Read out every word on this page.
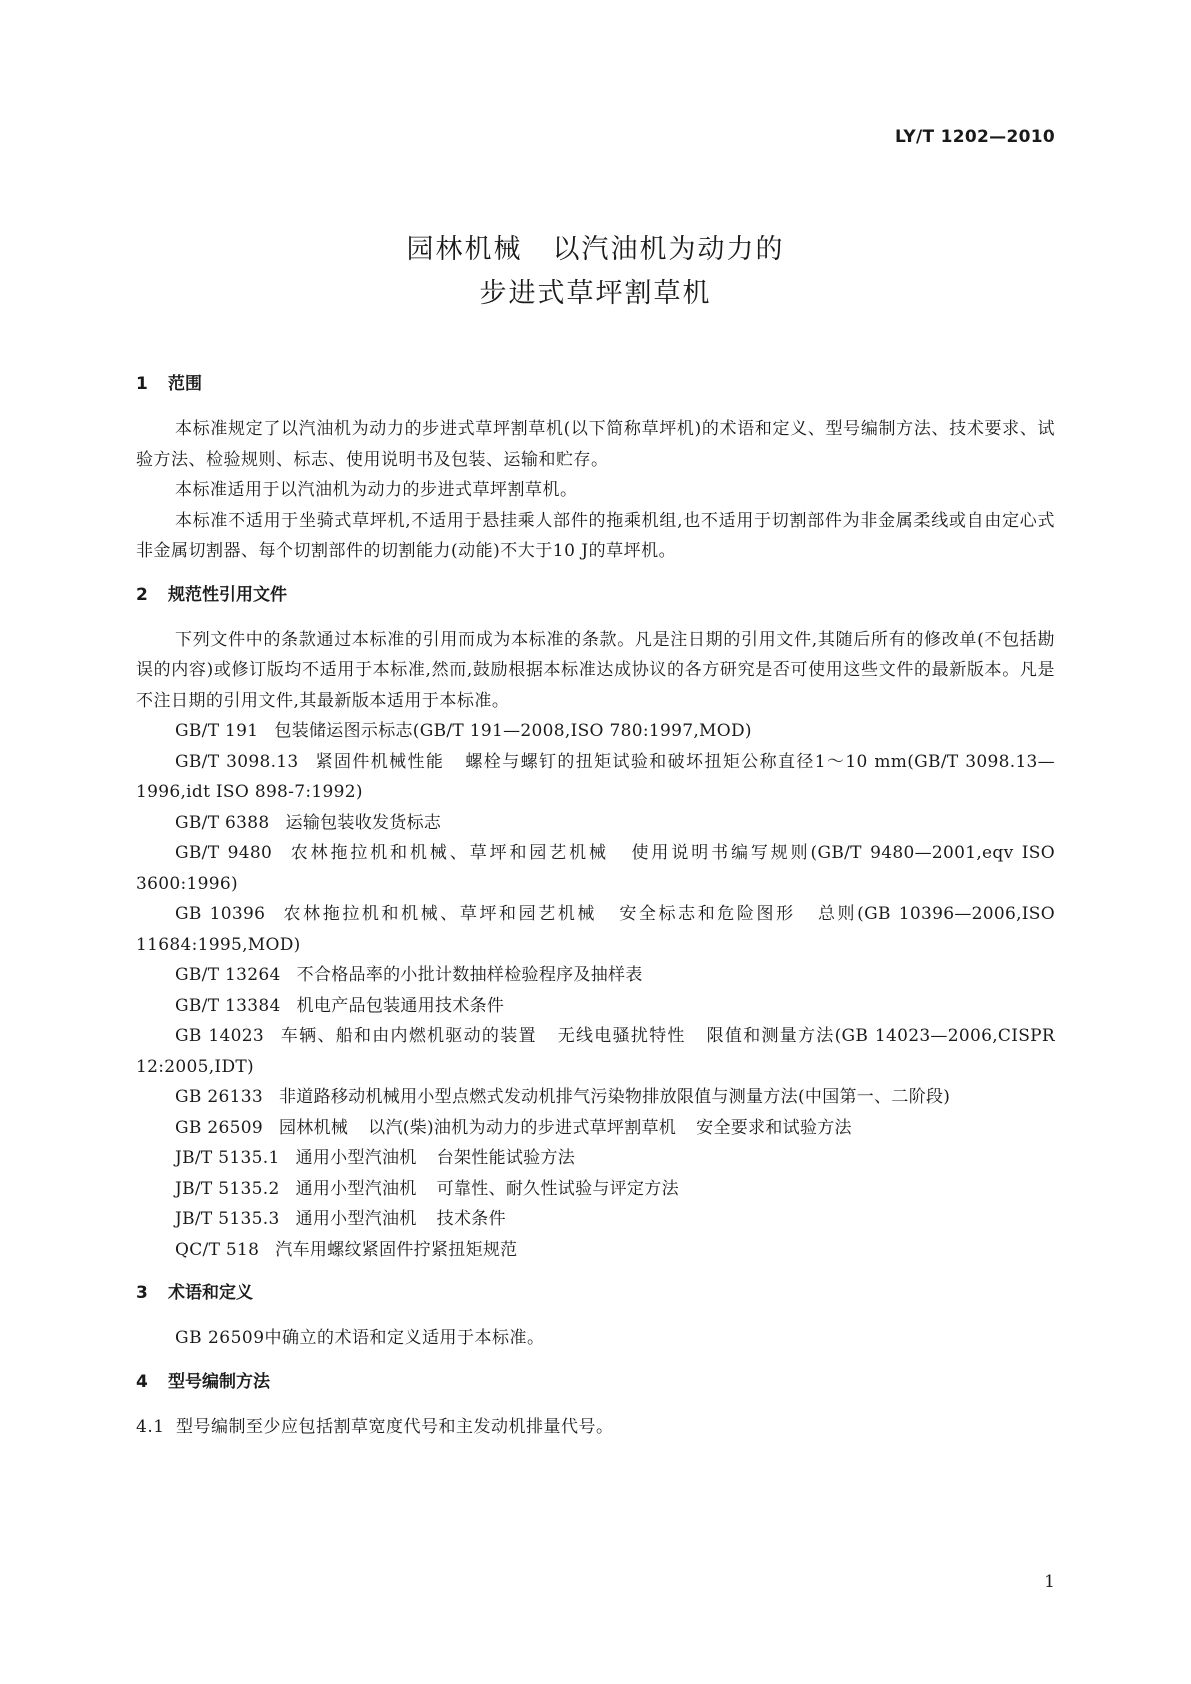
LY/T 1202—2010
园林机械 以汽油机为动力的
步进式草坪割草机
1 范围

本标准规定了以汽油机为动力的步进式草坪割草机(以下简称草坪机)的术语和定义、型号编制方法、技术要求、试验方法、检验规则、标志、使用说明书及包装、运输和贮存。

本标准适用于以汽油机为动力的步进式草坪割草机。

本标准不适用于坐骑式草坪机,不适用于悬挂乘人部件的拖乘机组,也不适用于切割部件为非金属柔线或自由定心式非金属切割器、每个切割部件的切割能力(动能)不大于10 J的草坪机。

2 规范性引用文件

下列文件中的条款通过本标准的引用而成为本标准的条款。凡是注日期的引用文件,其随后所有的修改单(不包括勘误的内容)或修订版均不适用于本标准,然而,鼓励根据本标准达成协议的各方研究是否可使用这些文件的最新版本。凡是不注日期的引用文件,其最新版本适用于本标准。

GB/T 191 包装储运图示标志(GB/T 191—2008,ISO 780:1997,MOD)

GB/T 3098.13 紧固件机械性能 螺栓与螺钉的扭矩试验和破坏扭矩公称直径1～10 mm(GB/T 3098.13—1996,idt ISO 898-7:1992)

GB/T 6388 运输包装收发货标志

GB/T 9480 农林拖拉机和机械、草坪和园艺机械 使用说明书编写规则(GB/T 9480—2001,eqv ISO 3600:1996)

GB 10396 农林拖拉机和机械、草坪和园艺机械 安全标志和危险图形 总则(GB 10396—2006,ISO 11684:1995,MOD)

GB/T 13264 不合格品率的小批计数抽样检验程序及抽样表

GB/T 13384 机电产品包装通用技术条件

GB 14023 车辆、船和由内燃机驱动的装置 无线电骚扰特性 限值和测量方法(GB 14023—2006,CISPR 12:2005,IDT)

GB 26133 非道路移动机械用小型点燃式发动机排气污染物排放限值与测量方法(中国第一、二阶段)

GB 26509 园林机械 以汽(柴)油机为动力的步进式草坪割草机 安全要求和试验方法

JB/T 5135.1 通用小型汽油机 台架性能试验方法

JB/T 5135.2 通用小型汽油机 可靠性、耐久性试验与评定方法

JB/T 5135.3 通用小型汽油机 技术条件

QC/T 518 汽车用螺纹紧固件拧紧扭矩规范

3 术语和定义

GB 26509中确立的术语和定义适用于本标准。

4 型号编制方法

4.1 型号编制至少应包括割草宽度代号和主发动机排量代号。

1
